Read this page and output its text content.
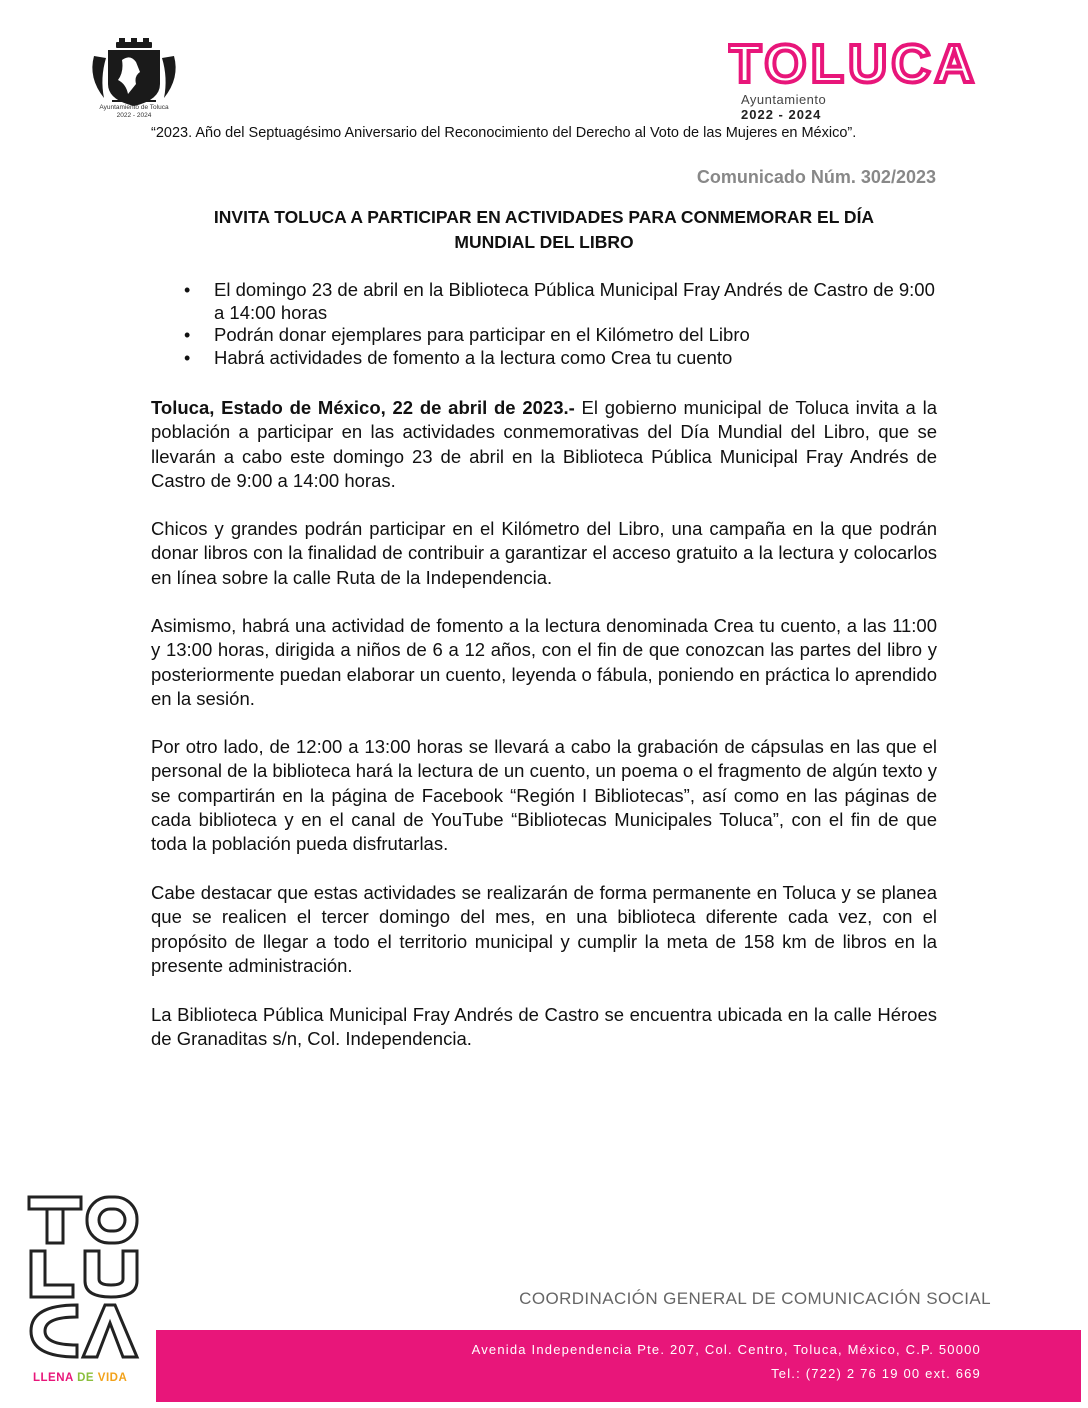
Ayuntamiento de Toluca
2022 - 2024
TOLUCA
Ayuntamiento
2022 - 2024
“2023. Año del Septuagésimo Aniversario del Reconocimiento del Derecho al Voto de las Mujeres en México”.
Comunicado Núm. 302/2023
INVITA TOLUCA A PARTICIPAR EN ACTIVIDADES PARA CONMEMORAR EL DÍA
MUNDIAL DEL LIBRO
• El domingo 23 de abril en la Biblioteca Pública Municipal Fray Andrés de Castro de 9:00 a 14:00 horas
• Podrán donar ejemplares para participar en el Kilómetro del Libro
• Habrá actividades de fomento a la lectura como Crea tu cuento

Toluca, Estado de México, 22 de abril de 2023.- El gobierno municipal de Toluca invita a la población a participar en las actividades conmemorativas del Día Mundial del Libro, que se llevarán a cabo este domingo 23 de abril en la Biblioteca Pública Municipal Fray Andrés de Castro de 9:00 a 14:00 horas.

Chicos y grandes podrán participar en el Kilómetro del Libro, una campaña en la que podrán donar libros con la finalidad de contribuir a garantizar el acceso gratuito a la lectura y colocarlos en línea sobre la calle Ruta de la Independencia.

Asimismo, habrá una actividad de fomento a la lectura denominada Crea tu cuento, a las 11:00 y 13:00 horas, dirigida a niños de 6 a 12 años, con el fin de que conozcan las partes del libro y posteriormente puedan elaborar un cuento, leyenda o fábula, poniendo en práctica lo aprendido en la sesión.

Por otro lado, de 12:00 a 13:00 horas se llevará a cabo la grabación de cápsulas en las que el personal de la biblioteca hará la lectura de un cuento, un poema o el fragmento de algún texto y se compartirán en la página de Facebook “Región I Bibliotecas”, así como en las páginas de cada biblioteca y en el canal de YouTube “Bibliotecas Municipales Toluca”, con el fin de que toda la población pueda disfrutarlas.

Cabe destacar que estas actividades se realizarán de forma permanente en Toluca y se planea que se realicen el tercer domingo del mes, en una biblioteca diferente cada vez, con el propósito de llegar a todo el territorio municipal y cumplir la meta de 158 km de libros en la presente administración.

La Biblioteca Pública Municipal Fray Andrés de Castro se encuentra ubicada en la calle Héroes de Granaditas s/n, Col. Independencia.

LLENA DE VIDA
COORDINACIÓN GENERAL DE COMUNICACIÓN SOCIAL
Avenida Independencia Pte. 207, Col. Centro, Toluca, México, C.P. 50000
Tel.: (722) 2 76 19 00 ext. 669
